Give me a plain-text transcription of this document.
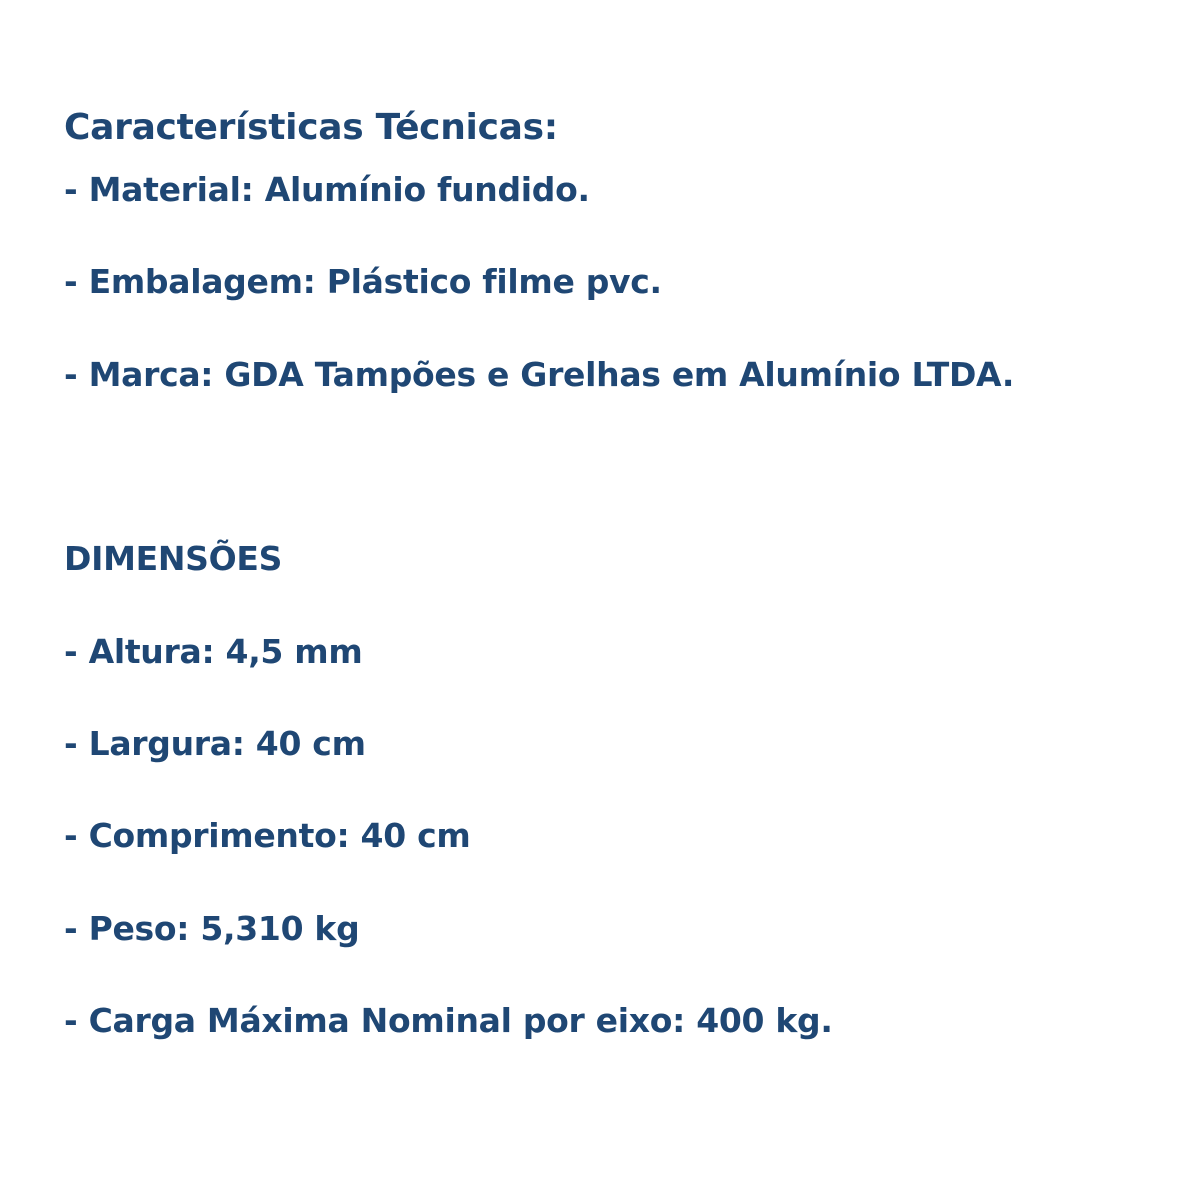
Características Técnicas:

- Material: Alumínio fundido.

- Embalagem: Plástico filme pvc.

- Marca: GDA Tampões e Grelhas em Alumínio LTDA.

DIMENSÕES

- Altura: 4,5 mm

- Largura: 40 cm

- Comprimento: 40 cm

- Peso: 5,310 kg

- Carga Máxima Nominal por eixo: 400 kg.
